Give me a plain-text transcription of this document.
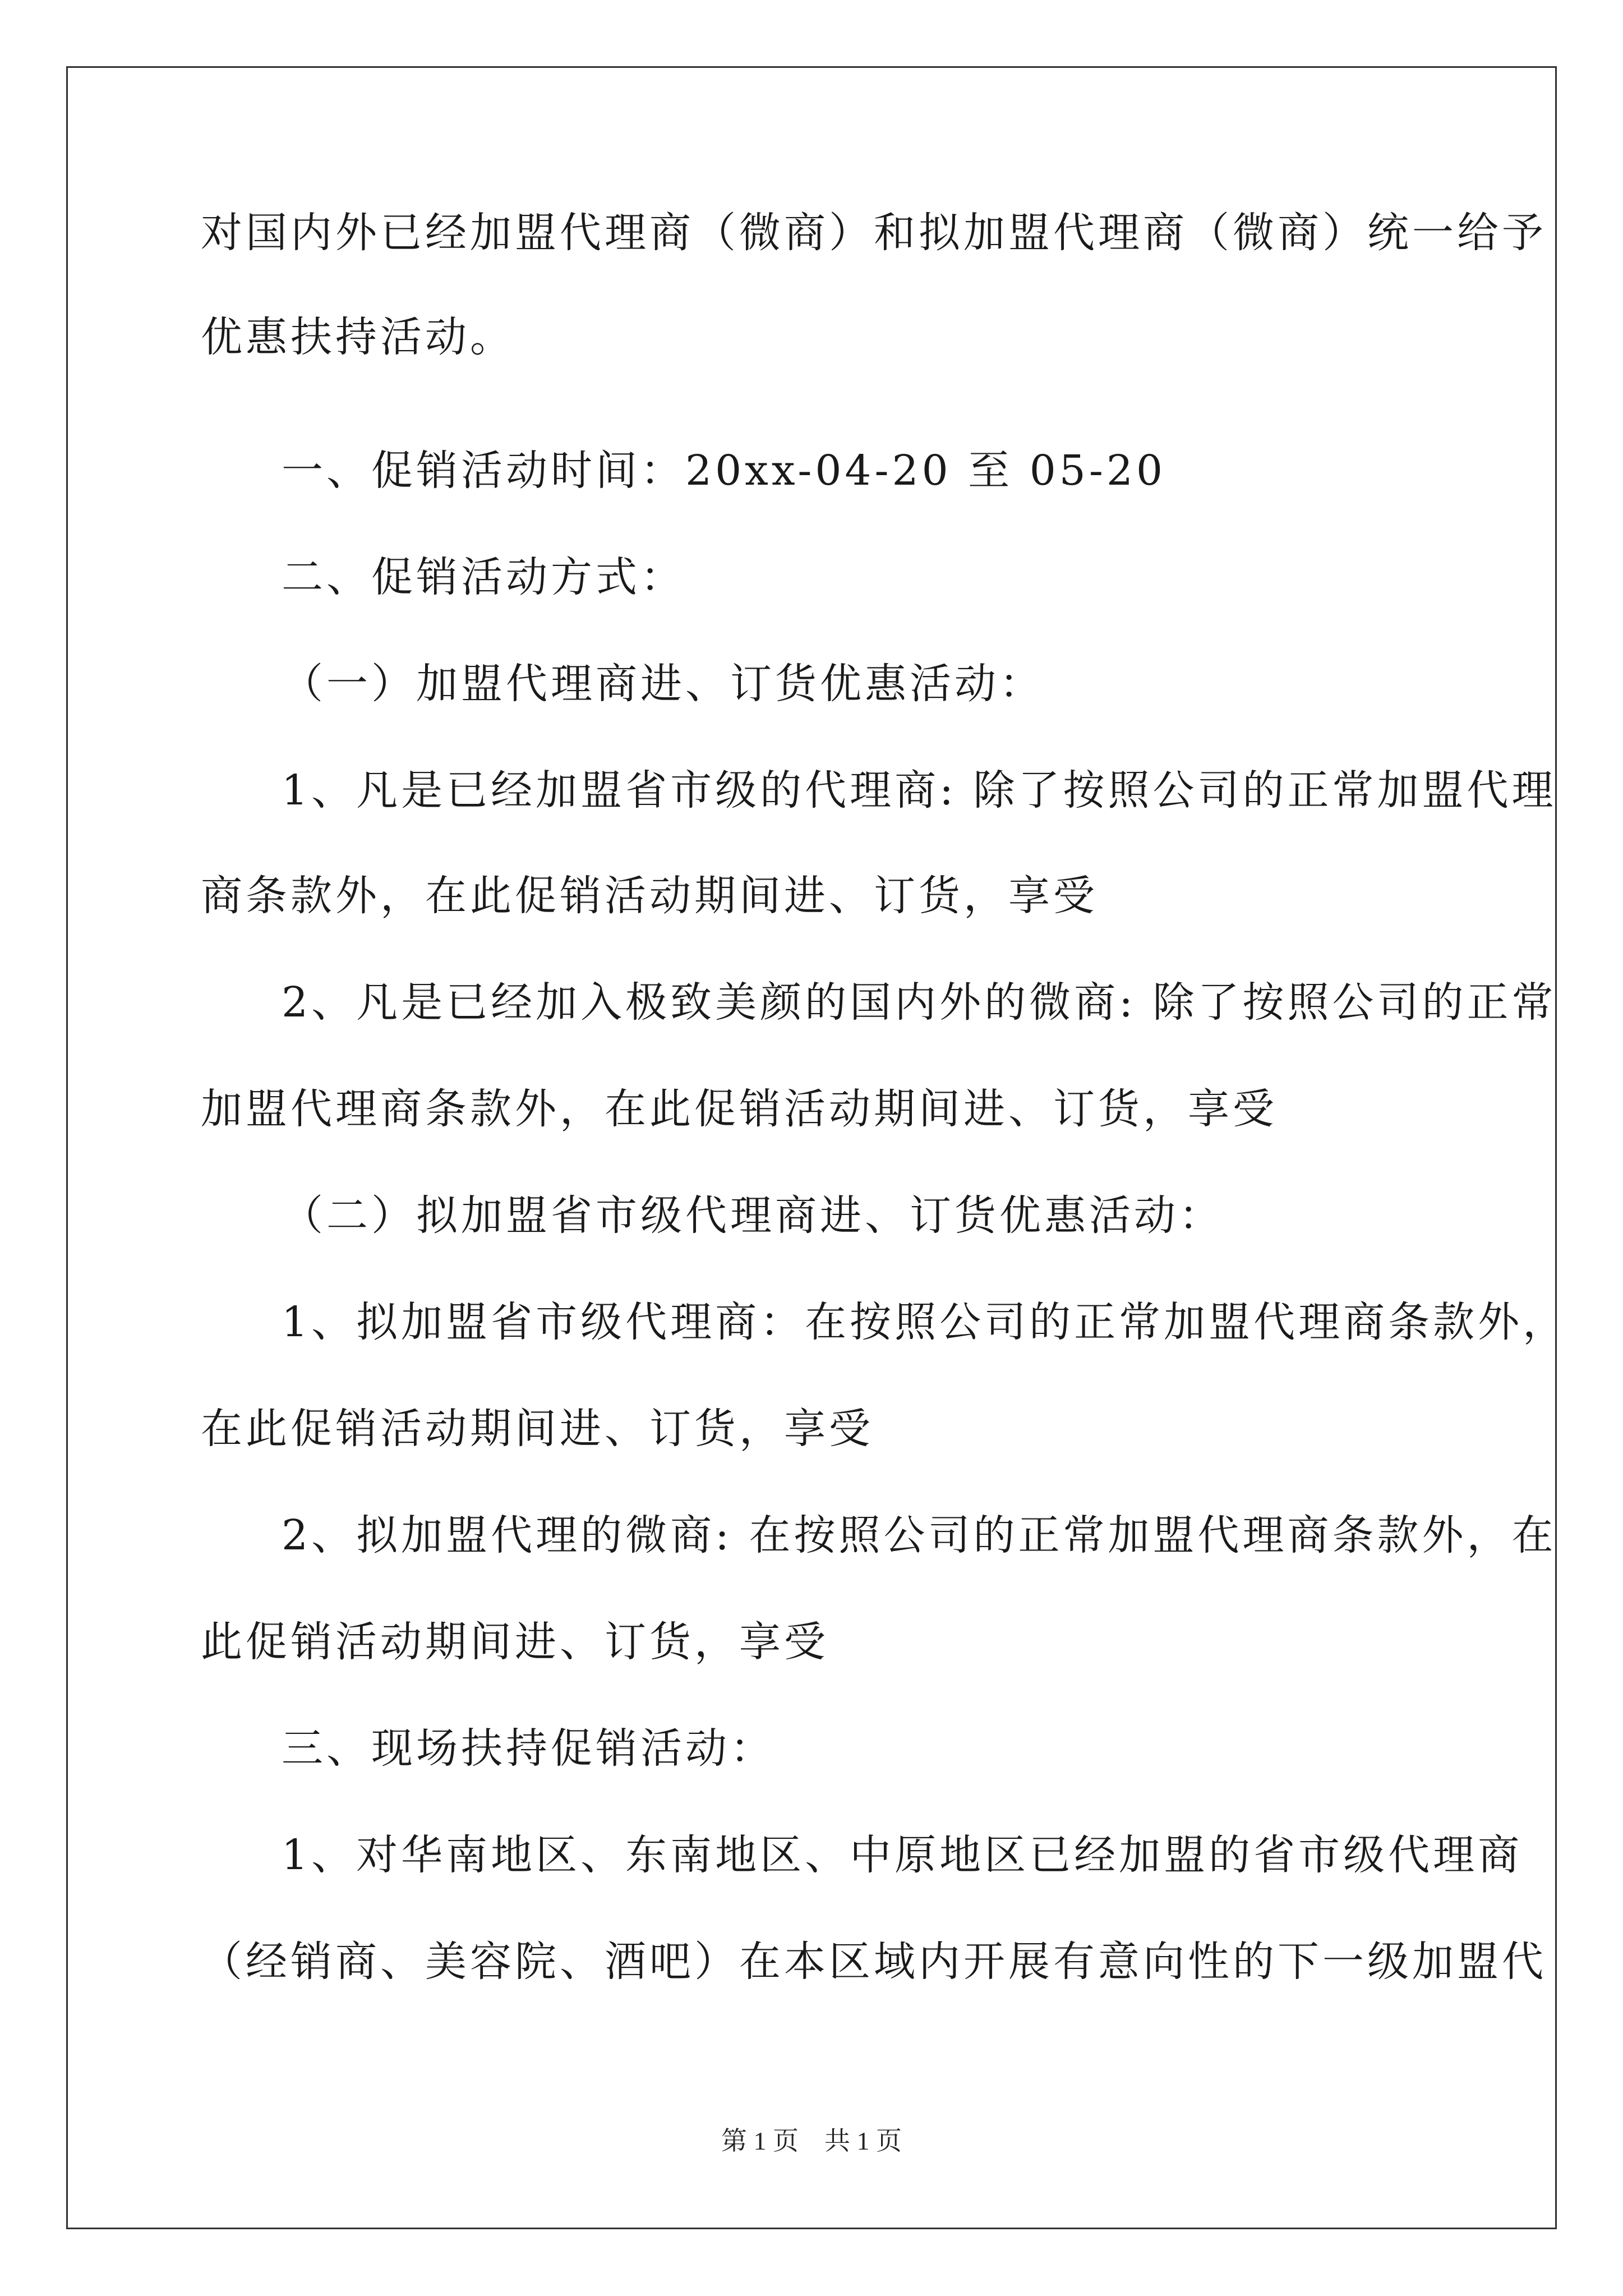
对国内外已经加盟代理商（微商）和拟加盟代理商（微商）统一给予
优惠扶持活动。
一、促销活动时间：20xx-04-20 至 05-20
二、促销活动方式：
（一）加盟代理商进、订货优惠活动：
1、凡是已经加盟省市级的代理商: 除了按照公司的正常加盟代理
商条款外，在此促销活动期间进、订货，享受
2、凡是已经加入极致美颜的国内外的微商: 除了按照公司的正常
加盟代理商条款外，在此促销活动期间进、订货，享受
（二）拟加盟省市级代理商进、订货优惠活动：
1、拟加盟省市级代理商：在按照公司的正常加盟代理商条款外，
在此促销活动期间进、订货，享受
2、拟加盟代理的微商: 在按照公司的正常加盟代理商条款外，在
此促销活动期间进、订货，享受
三、现场扶持促销活动：
1、对华南地区、东南地区、中原地区已经加盟的省市级代理商
（经销商、美容院、酒吧）在本区域内开展有意向性的下一级加盟代
第 1 页 共 1 页
